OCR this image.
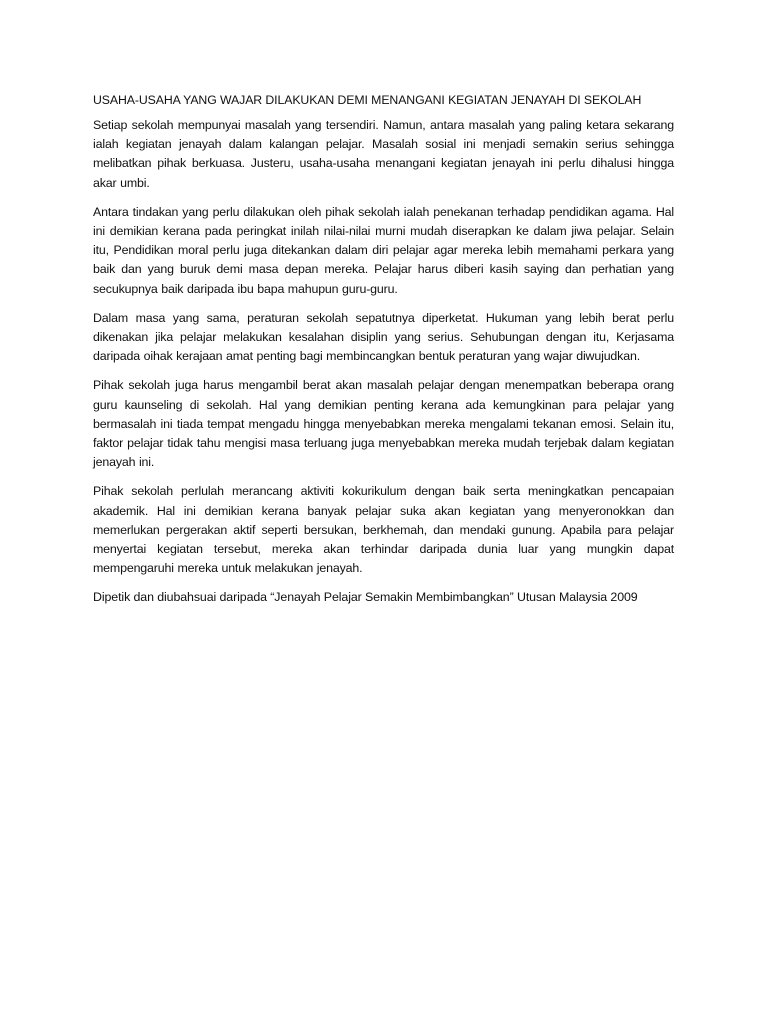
USAHA-USAHA YANG WAJAR DILAKUKAN DEMI MENANGANI KEGIATAN JENAYAH DI SEKOLAH

Setiap sekolah mempunyai masalah yang tersendiri. Namun, antara masalah yang paling ketara sekarang ialah kegiatan jenayah dalam kalangan pelajar. Masalah sosial ini menjadi semakin serius sehingga melibatkan pihak berkuasa. Justeru, usaha-usaha menangani kegiatan jenayah ini perlu dihalusi hingga akar umbi.

Antara tindakan yang perlu dilakukan oleh pihak sekolah ialah penekanan terhadap pendidikan agama. Hal ini demikian kerana pada peringkat inilah nilai-nilai murni mudah diserapkan ke dalam jiwa pelajar. Selain itu, Pendidikan moral perlu juga ditekankan dalam diri pelajar agar mereka lebih memahami perkara yang baik dan yang buruk demi masa depan mereka. Pelajar harus diberi kasih saying dan perhatian yang secukupnya baik daripada ibu bapa mahupun guru-guru.

Dalam masa yang sama, peraturan sekolah sepatutnya diperketat. Hukuman yang lebih berat perlu dikenakan jika pelajar melakukan kesalahan disiplin yang serius. Sehubungan dengan itu, Kerjasama daripada oihak kerajaan amat penting bagi membincangkan bentuk peraturan yang wajar diwujudkan.

Pihak sekolah juga harus mengambil berat akan masalah pelajar dengan menempatkan beberapa orang guru kaunseling di sekolah. Hal yang demikian penting kerana ada kemungkinan para pelajar yang bermasalah ini tiada tempat mengadu hingga menyebabkan mereka mengalami tekanan emosi. Selain itu, faktor pelajar tidak tahu mengisi masa terluang juga menyebabkan mereka mudah terjebak dalam kegiatan jenayah ini.

Pihak sekolah perlulah merancang aktiviti kokurikulum dengan baik serta meningkatkan pencapaian akademik. Hal ini demikian kerana banyak pelajar suka akan kegiatan yang menyeronokkan dan memerlukan pergerakan aktif seperti bersukan, berkhemah, dan mendaki gunung. Apabila para pelajar menyertai kegiatan tersebut, mereka akan terhindar daripada dunia luar yang mungkin dapat mempengaruhi mereka untuk melakukan jenayah.

Dipetik dan diubahsuai daripada “Jenayah Pelajar Semakin Membimbangkan” Utusan Malaysia 2009
